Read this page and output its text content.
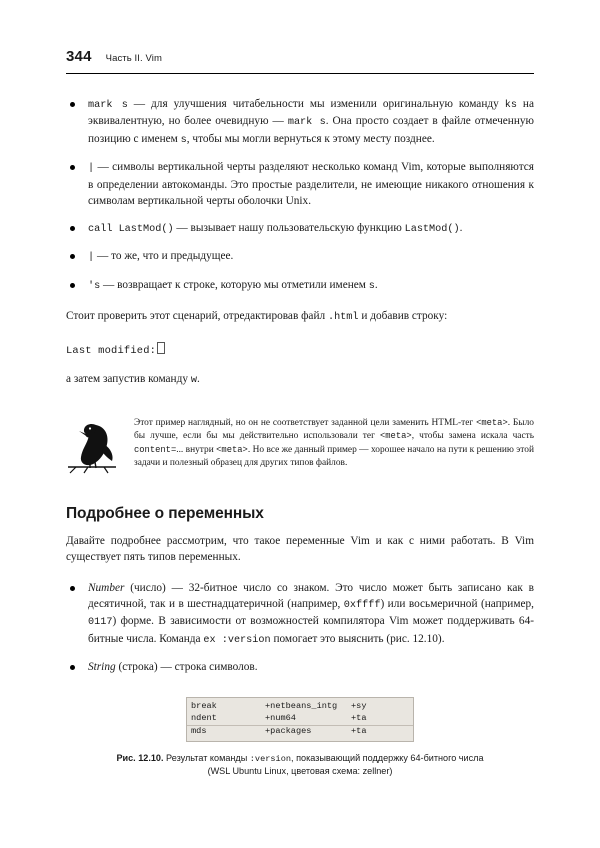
344 Часть II. Vim
mark s — для улучшения читабельности мы изменили оригинальную команду ks на эквивалентную, но более очевидную — mark s. Она просто создает в файле отмеченную позицию с именем s, чтобы мы могли вернуться к этому месту позднее.
| — символы вертикальной черты разделяют несколько команд Vim, которые выполняются в определении автокоманды. Это простые разделители, не имеющие никакого отношения к символам вертикальной черты оболочки Unix.
call LastMod() — вызывает нашу пользовательскую функцию LastMod().
| — то же, что и предыдущее.
's — возвращает к строке, которую мы отметили именем s.

Стоит проверить этот сценарий, отредактировав файл .html и добавив строку:

Last modified:

а затем запустив команду w.

Этот пример наглядный, но он не соответствует заданной цели заменить HTML-тег <meta>. Было бы лучше, если бы мы действительно использовали тег <meta>, чтобы замена искала часть content=... внутри <meta>. Но все же данный пример — хорошее начало на пути к решению этой задачи и полезный образец для других типов файлов.
Подробнее о переменных

Давайте подробнее рассмотрим, что такое переменные Vim и как с ними работать. В Vim существует пять типов переменных.

Number (число) — 32-битное число со знаком. Это число может быть записано как в десятичной, так и в шестнадцатеричной (например, 0xffff) или восьмеричной (например, 0117) форме. В зависимости от возможностей компилятора Vim может поддерживать 64-битные числа. Команда ex :version помогает это выяснить (рис. 12.10).
String (строка) — строка символов.
break	+netbeans_intg	+sy
ndent	+num64	+ta
mds	+packages	+ta
Рис. 12.10. Результат команды :version, показывающий поддержку 64-битного числа
(WSL Ubuntu Linux, цветовая схема: zellner)
